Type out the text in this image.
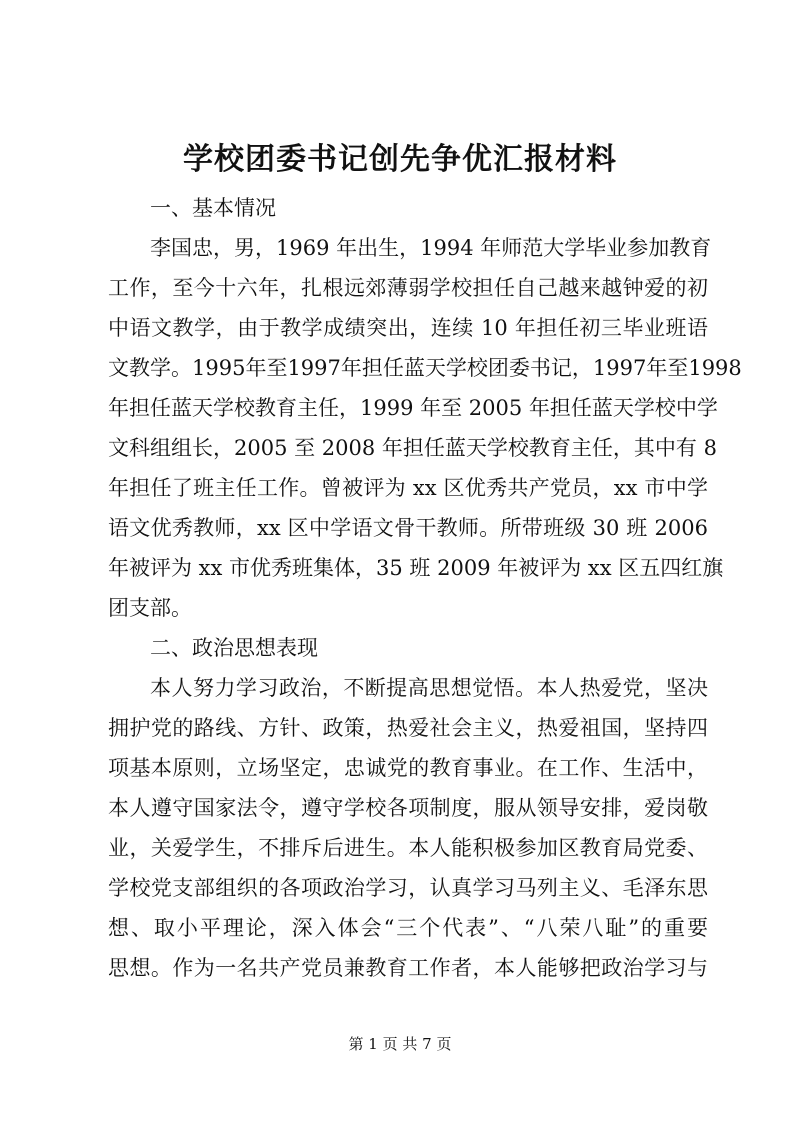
学校团委书记创先争优汇报材料
一、基本情况
李国忠，男，1969 年出生，1994 年师范大学毕业参加教育
工作，至今十六年，扎根远郊薄弱学校担任自己越来越钟爱的初
中语文教学，由于教学成绩突出，连续 10 年担任初三毕业班语
文教学。1995年至1997年担任蓝天学校团委书记，1997年至1998
年担任蓝天学校教育主任，1999 年至 2005 年担任蓝天学校中学
文科组组长，2005 至 2008 年担任蓝天学校教育主任，其中有 8
年担任了班主任工作。曾被评为 xx 区优秀共产党员，xx 市中学
语文优秀教师，xx 区中学语文骨干教师。所带班级 30 班 2006
年被评为 xx 市优秀班集体，35 班 2009 年被评为 xx 区五四红旗
团支部。
二、政治思想表现
本人努力学习政治，不断提高思想觉悟。本人热爱党，坚决
拥护党的路线、方针、政策，热爱社会主义，热爱祖国，坚持四
项基本原则，立场坚定，忠诚党的教育事业。在工作、生活中，
本人遵守国家法令，遵守学校各项制度，服从领导安排，爱岗敬
业，关爱学生，不排斥后进生。本人能积极参加区教育局党委、
学校党支部组织的各项政治学习，认真学习马列主义、毛泽东思
想、取小平理论，深入体会“三个代表”、“八荣八耻”的重要
思想。作为一名共产党员兼教育工作者，本人能够把政治学习与
第 1 页 共 7 页
